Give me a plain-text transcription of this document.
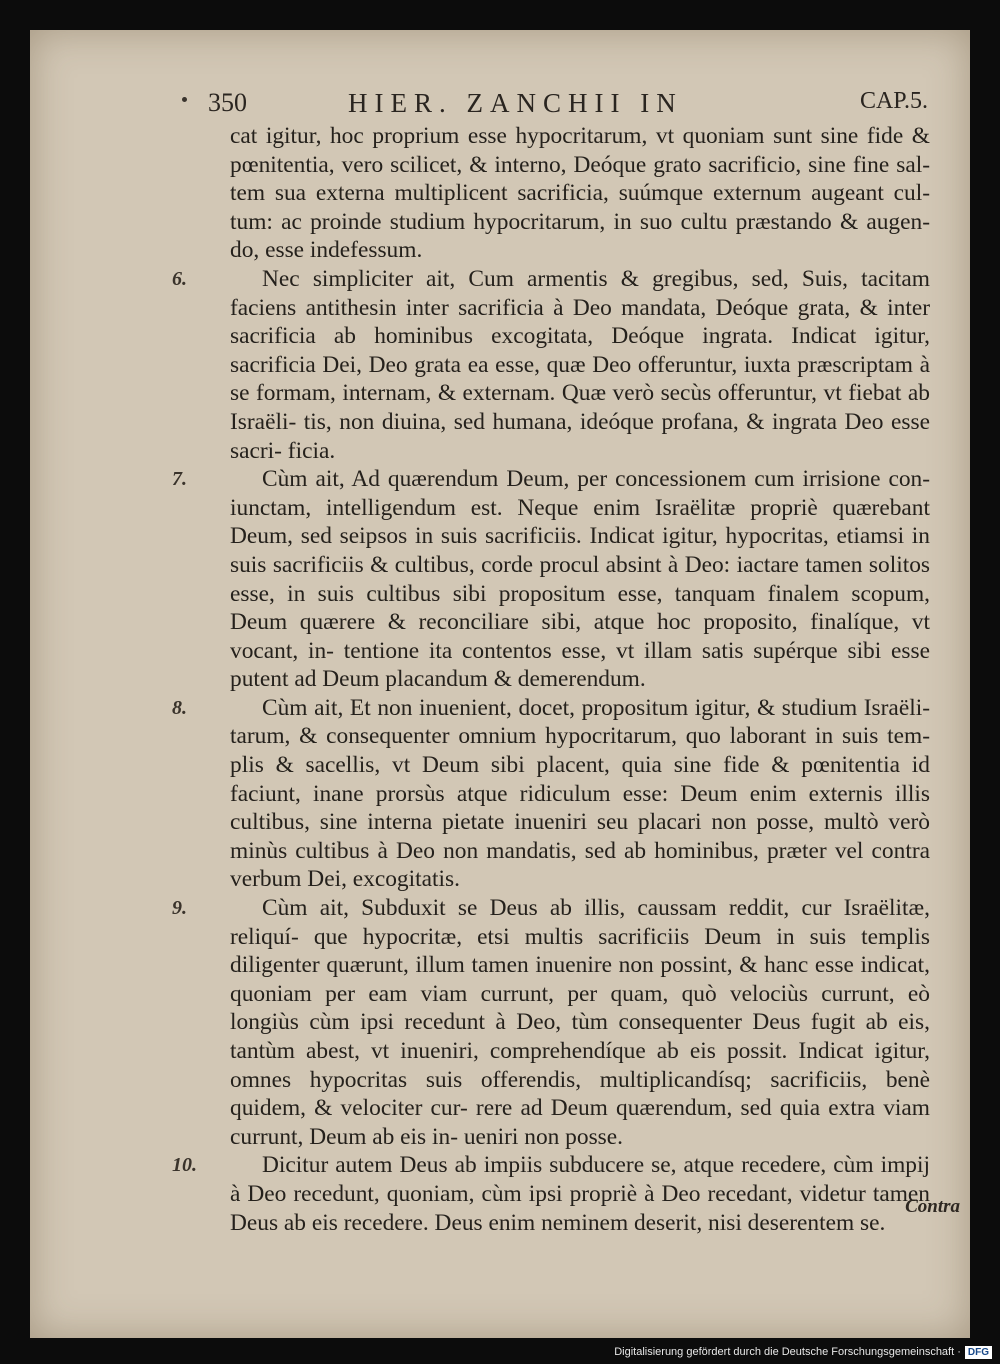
350	HIER. ZANCHII IN	CAP.5.

cat igitur, hoc proprium esse hypocritarum, vt quoniam sunt sine fide & pœnitentia, vero scilicet, & interno, Deóque grato sacrificio, sine fine sal- tem sua externa multiplicent sacrificia, suúmque externum augeant cul- tum: ac proinde studium hypocritarum, in suo cultu præstando & augen- do, esse indefessum.

6.	Nec simpliciter ait, Cum armentis & gregibus, sed, Suis, tacitam faciens antithesin inter sacrificia à Deo mandata, Deóque grata, & inter sacrificia ab hominibus excogitata, Deóque ingrata. Indicat igitur, sacrificia Dei, Deo grata ea esse, quæ Deo offeruntur, iuxta præscriptam à se formam, internam, & externam. Quæ verò secùs offeruntur, vt fiebat ab Israëli- tis, non diuina, sed humana, ideóque profana, & ingrata Deo esse sacri- ficia.

7.	Cùm ait, Ad quærendum Deum, per concessionem cum irrisione con- iunctam, intelligendum est. Neque enim Israëlitæ propriè quærebant Deum, sed seipsos in suis sacrificiis. Indicat igitur, hypocritas, etiamsi in suis sacrificiis & cultibus, corde procul absint à Deo: iactare tamen solitos esse, in suis cultibus sibi propositum esse, tanquam finalem scopum, Deum quærere & reconciliare sibi, atque hoc proposito, finalíque, vt vocant, in- tentione ita contentos esse, vt illam satis supérque sibi esse putent ad Deum placandum & demerendum.

8.	Cùm ait, Et non inuenient, docet, propositum igitur, & studium Israëli- tarum, & consequenter omnium hypocritarum, quo laborant in suis tem- plis & sacellis, vt Deum sibi placent, quia sine fide & pœnitentia id faciunt, inane prorsùs atque ridiculum esse: Deum enim externis illis cultibus, sine interna pietate inueniri seu placari non posse, multò verò minùs cultibus à Deo non mandatis, sed ab hominibus, præter vel contra verbum Dei, excogitatis.

9.	Cùm ait, Subduxit se Deus ab illis, caussam reddit, cur Israëlitæ, reliquí- que hypocritæ, etsi multis sacrificiis Deum in suis templis diligenter quærunt, illum tamen inuenire non possint, & hanc esse indicat, quoniam per eam viam currunt, per quam, quò velociùs currunt, eò longiùs cùm ipsi recedunt à Deo, tùm consequenter Deus fugit ab eis, tantùm abest, vt inueniri, comprehendíque ab eis possit. Indicat igitur, omnes hypocritas suis offerendis, multiplicandísq; sacrificiis, benè quidem, & velociter cur- rere ad Deum quærendum, sed quia extra viam currunt, Deum ab eis in- ueniri non posse.

10.	Dicitur autem Deus ab impiis subducere se, atque recedere, cùm impij à Deo recedunt, quoniam, cùm ipsi propriè à Deo recedant, videtur tamen Deus ab eis recedere. Deus enim neminem deserit, nisi deserentem se.

Contra
Digitalisierung gefördert durch die Deutsche Forschungsgemeinschaft · DFG
